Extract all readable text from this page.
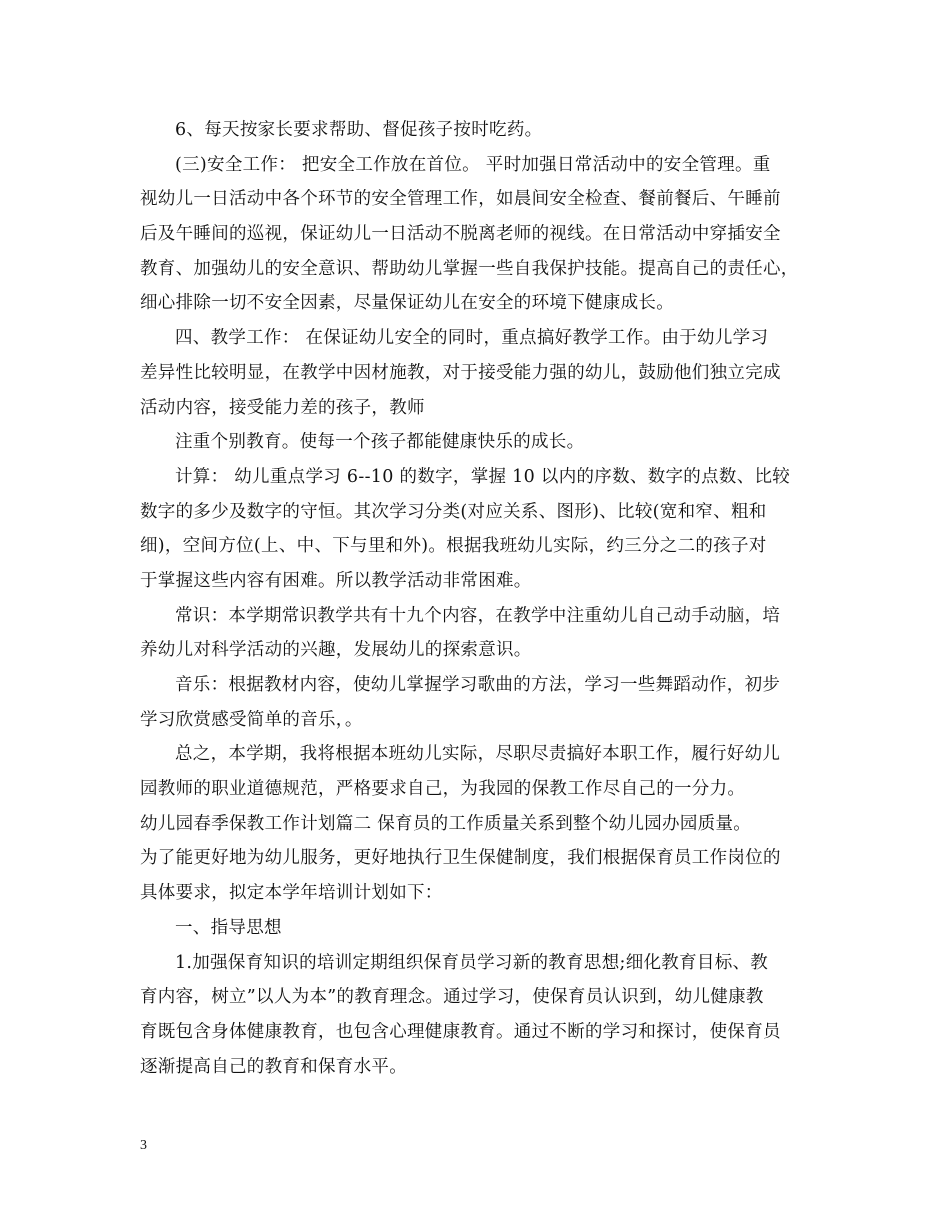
6、每天按家长要求帮助、督促孩子按时吃药。
(三)安全工作： 把安全工作放在首位。 平时加强日常活动中的安全管理。重
视幼儿一日活动中各个环节的安全管理工作，如晨间安全检查、餐前餐后、午睡前
后及午睡间的巡视，保证幼儿一日活动不脱离老师的视线。在日常活动中穿插安全
教育、加强幼儿的安全意识、帮助幼儿掌握一些自我保护技能。提高自己的责任心，
细心排除一切不安全因素，尽量保证幼儿在安全的环境下健康成长。
四、教学工作： 在保证幼儿安全的同时，重点搞好教学工作。由于幼儿学习
差异性比较明显，在教学中因材施教，对于接受能力强的幼儿，鼓励他们独立完成
活动内容，接受能力差的孩子，教师
注重个别教育。使每一个孩子都能健康快乐的成长。
计算： 幼儿重点学习 6--10 的数字，掌握 10 以内的序数、数字的点数、比较
数字的多少及数字的守恒。其次学习分类(对应关系、图形)、比较(宽和窄、粗和
细)，空间方位(上、中、下与里和外)。根据我班幼儿实际，约三分之二的孩子对
于掌握这些内容有困难。所以教学活动非常困难。
常识：本学期常识教学共有十九个内容，在教学中注重幼儿自己动手动脑，培
养幼儿对科学活动的兴趣，发展幼儿的探索意识。
音乐：根据教材内容，使幼儿掌握学习歌曲的方法，学习一些舞蹈动作，初步
学习欣赏感受简单的音乐，。
总之，本学期，我将根据本班幼儿实际，尽职尽责搞好本职工作，履行好幼儿
园教师的职业道德规范，严格要求自己，为我园的保教工作尽自己的一分力。
幼儿园春季保教工作计划篇二 保育员的工作质量关系到整个幼儿园办园质量。
为了能更好地为幼儿服务，更好地执行卫生保健制度，我们根据保育员工作岗位的
具体要求，拟定本学年培训计划如下：
一、指导思想
1.加强保育知识的培训定期组织保育员学习新的教育思想;细化教育目标、教
育内容，树立”以人为本”的教育理念。通过学习，使保育员认识到，幼儿健康教
育既包含身体健康教育，也包含心理健康教育。通过不断的学习和探讨，使保育员
逐渐提高自己的教育和保育水平。
3
